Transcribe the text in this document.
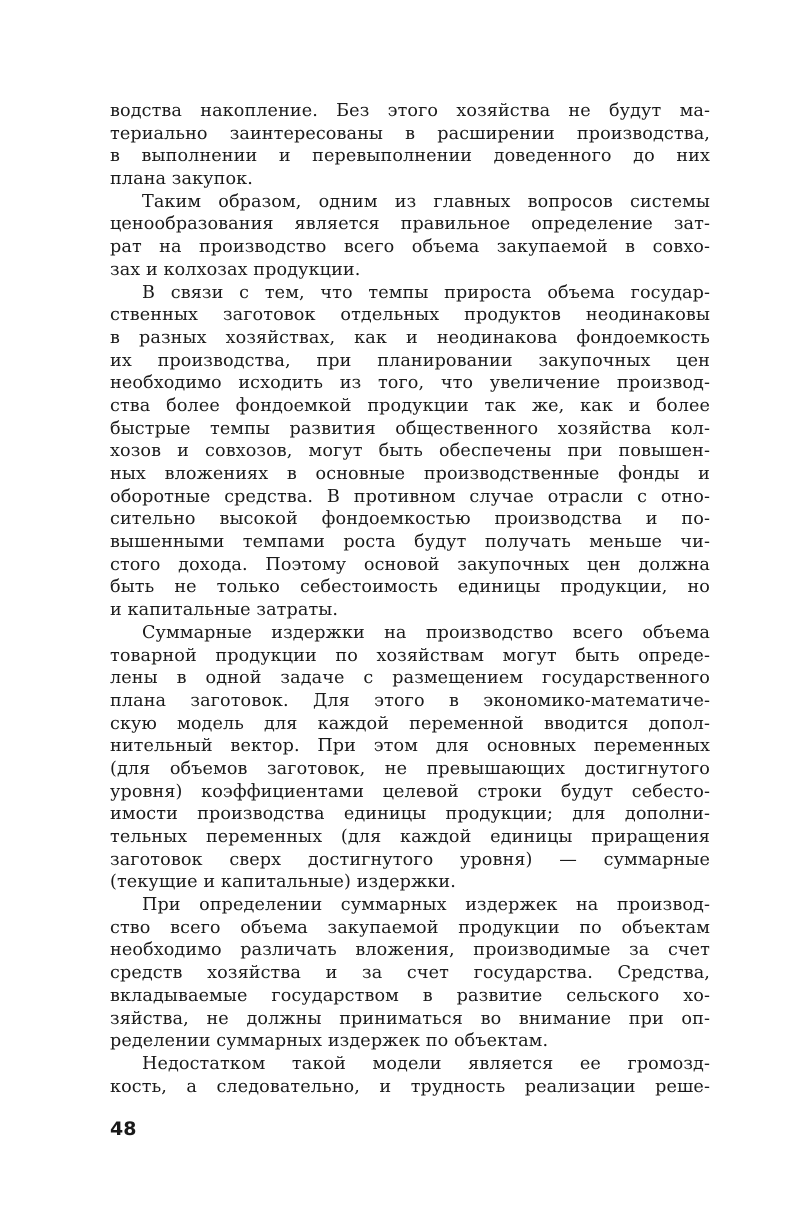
водства накопление. Без этого хозяйства не будут ма-
териально заинтересованы в расширении производства,
в выполнении и перевыполнении доведенного до них
плана закупок.
Таким образом, одним из главных вопросов системы
ценообразования является правильное определение зат-
рат на производство всего объема закупаемой в совхо-
зах и колхозах продукции.
В связи с тем, что темпы прироста объема государ-
ственных заготовок отдельных продуктов неодинаковы
в разных хозяйствах, как и неодинакова фондоемкость
их производства, при планировании закупочных цен
необходимо исходить из того, что увеличение производ-
ства более фондоемкой продукции так же, как и более
быстрые темпы развития общественного хозяйства кол-
хозов и совхозов, могут быть обеспечены при повышен-
ных вложениях в основные производственные фонды и
оборотные средства. В противном случае отрасли с отно-
сительно высокой фондоемкостью производства и по-
вышенными темпами роста будут получать меньше чи-
стого дохода. Поэтому основой закупочных цен должна
быть не только себестоимость единицы продукции, но
и капитальные затраты.
Суммарные издержки на производство всего объема
товарной продукции по хозяйствам могут быть опреде-
лены в одной задаче с размещением государственного
плана заготовок. Для этого в экономико-математиче-
скую модель для каждой переменной вводится допол-
нительный вектор. При этом для основных переменных
(для объемов заготовок, не превышающих достигнутого
уровня) коэффициентами целевой строки будут себесто-
имости производства единицы продукции; для дополни-
тельных переменных (для каждой единицы приращения
заготовок сверх достигнутого уровня) — суммарные
(текущие и капитальные) издержки.
При определении суммарных издержек на производ-
ство всего объема закупаемой продукции по объектам
необходимо различать вложения, производимые за счет
средств хозяйства и за счет государства. Средства,
вкладываемые государством в развитие сельского хо-
зяйства, не должны приниматься во внимание при оп-
ределении суммарных издержек по объектам.
Недостатком такой модели является ее громозд-
кость, а следовательно, и трудность реализации реше-
48
